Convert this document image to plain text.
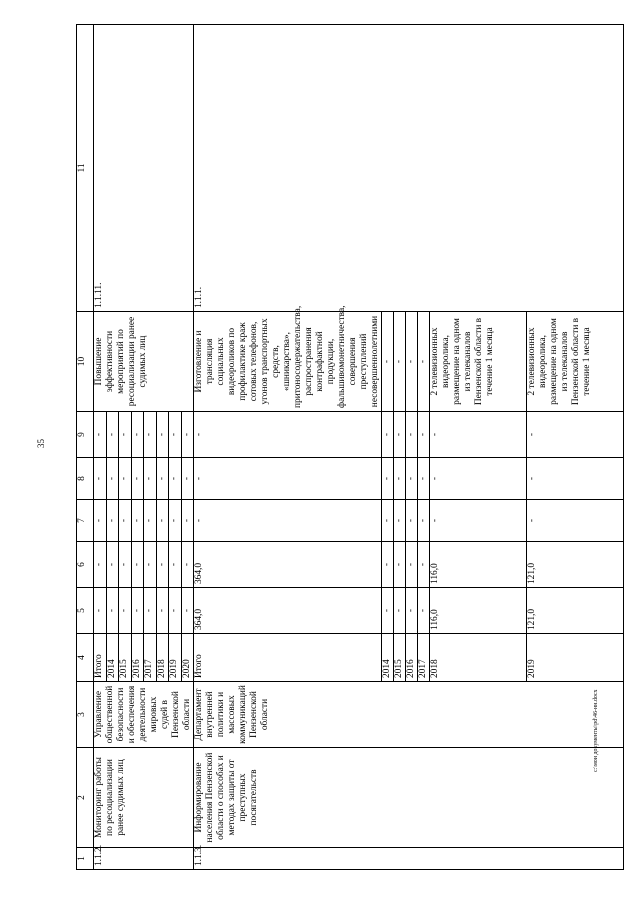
35
1	2	3	4	5	6	7	8	9	10	11
1.1.2.	Мониторинг работы по ресоциализации ранее судимых лиц	Управление общественной безопасности и обеспечения деятельности мировых судей в Пензенской области	Итого	-	-	-	-	-	Повышение эффективности мероприятий по ресоциализации ранее судимых лиц	1.1.11.
			2014	-	-	-	-	-		
			2015	-	-	-	-	-		
			2016	-	-	-	-	-		
			2017	-	-	-	-	-		
			2018	-	-	-	-	-		
			2019	-	-	-	-	-		
			2020	-	-	-	-	-		
1.1.3.	Информирование населения Пензенской области о способах и методах защиты от преступных посягательств	Департамент внутренней политики и массовых коммуникаций Пензенской области	Итого	364,0	364,0	-	-	-	Изготовление и трансляция социальных видеороликов по профилактике краж сотовых телефонов, угонов транспортных средств, «шникарства», притоносодержательства, распространения контрафактной продукции, фальшивомонетничества, совершения преступлений несовершеннолетними	1.1.1.
			2014	-	-	-	-	-	-	
			2015	-	-	-	-	-	-	
			2016	-	-	-	-	-	-	
			2017	-	-	-	-	-	-	
			2018	116,0	116,0	-	-	-	2 телевизионных видеоролика, размещение на одном из телеканалов Пензенской области в течение 1 месяца	
			2019	121,0	121,0	-	-	-	2 телевизионных видеоролика, размещение на одном из телеканалов Пензенской области в течение 1 месяца	
c:\мои документы\pd\46-нн.docx
